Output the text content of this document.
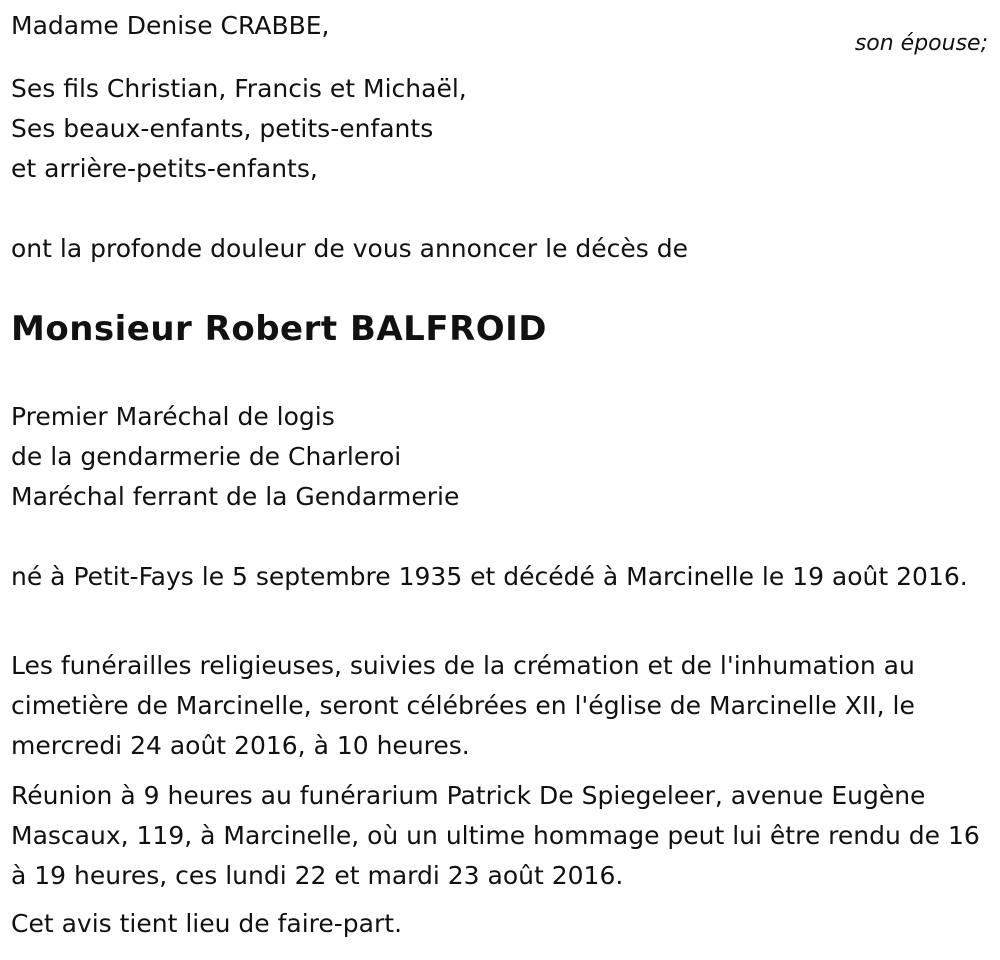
son épouse;
Madame Denise CRABBE,
Ses fils Christian, Francis et Michaël,
Ses beaux-enfants, petits-enfants
et arrière-petits-enfants,
ont la profonde douleur de vous annoncer le décès de
Monsieur Robert BALFROID
Premier Maréchal de logis
de la gendarmerie de Charleroi
Maréchal ferrant de la Gendarmerie
né à Petit-Fays le 5 septembre 1935 et décédé à Marcinelle le 19 août 2016.
Les funérailles religieuses, suivies de la crémation et de l'inhumation au cimetière de Marcinelle, seront célébrées en l'église de Marcinelle XII, le mercredi 24 août 2016, à 10 heures.
Réunion à 9 heures au funérarium Patrick De Spiegeleer, avenue Eugène Mascaux, 119, à Marcinelle, où un ultime hommage peut lui être rendu de 16 à 19 heures, ces lundi 22 et mardi 23 août 2016.
Cet avis tient lieu de faire-part.
